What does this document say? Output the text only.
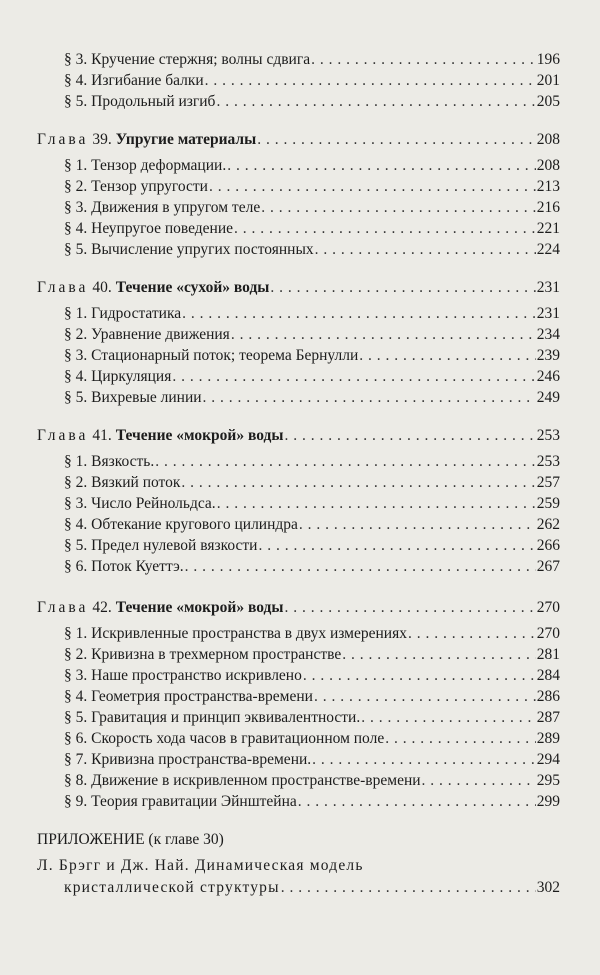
§ 3. Кручение стержня; волны сдвига . . .	196
§ 4. Изгибание балки . . .	201
§ 5. Продольный изгиб . . .	205
Глава 39. Упругие материалы . . .	208
§ 1. Тензор деформации. . . .	208
§ 2. Тензор упругости . . .	213
§ 3. Движения в упругом теле . . .	216
§ 4. Неупругое поведение . . .	221
§ 5. Вычисление упругих постоянных . . .	224
Глава 40. Течение «сухой» воды . . .	231
§ 1. Гидростатика . . .	231
§ 2. Уравнение движения . . .	234
§ 3. Стационарный поток; теорема Бернулли . . .	239
§ 4. Циркуляция . . .	246
§ 5. Вихревые линии . . .	249
Глава 41. Течение «мокрой» воды . . .	253
§ 1. Вязкость. . . .	253
§ 2. Вязкий поток . . .	257
§ 3. Число Рейнольдса. . . .	259
§ 4. Обтекание кругового цилиндра . . .	262
§ 5. Предел нулевой вязкости . . .	266
§ 6. Поток Куеттэ. . . .	267
Глава 42. Течение «мокрой» воды . . .	270
§ 1. Искривленные пространства в двух измерениях . . .	270
§ 2. Кривизна в трехмерном пространстве . . .	281
§ 3. Наше пространство искривлено . . .	284
§ 4. Геометрия пространства-времени . . .	286
§ 5. Гравитация и принцип эквивалентности. . . .	287
§ 6. Скорость хода часов в гравитационном поле . . .	289
§ 7. Кривизна пространства-времени. . . .	294
§ 8. Движение в искривленном пространстве-времени . . .	295
§ 9. Теория гравитации Эйнштейна . . .	299
ПРИЛОЖЕНИЕ (к главе 30)
Л. Брэгг и Дж. Най. Динамическая модель
кристаллической структуры . . .	302
